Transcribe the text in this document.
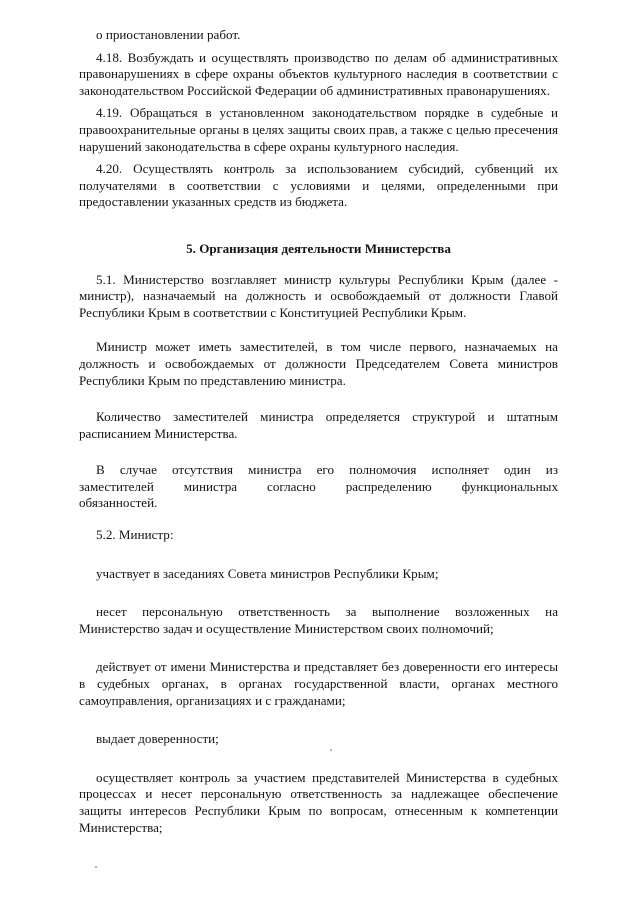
о приостановлении работ.

4.18. Возбуждать и осуществлять производство по делам об административных правонарушениях в сфере охраны объектов культурного наследия в соответствии с законодательством Российской Федерации об административных правонарушениях.

4.19. Обращаться в установленном законодательством порядке в судебные и правоохранительные органы в целях защиты своих прав, а также с целью пресечения нарушений законодательства в сфере охраны культурного наследия.

4.20. Осуществлять контроль за использованием субсидий, субвенций их получателями в соответствии с условиями и целями, определенными при предоставлении указанных средств из бюджета.

5. Организация деятельности Министерства

5.1. Министерство возглавляет министр культуры Республики Крым (далее - министр), назначаемый на должность и освобождаемый от должности Главой Республики Крым в соответствии с Конституцией Республики Крым.

Министр может иметь заместителей, в том числе первого, назначаемых на должность и освобождаемых от должности Председателем Совета министров Республики Крым по представлению министра.

Количество заместителей министра определяется структурой и штатным расписанием Министерства.

В случае отсутствия министра его полномочия исполняет один из

заместителей министра согласно распределению функциональных

обязанностей.

5.2. Министр:

участвует в заседаниях Совета министров Республики Крым;

несет персональную ответственность за выполнение возложенных на Министерство задач и осуществление Министерством своих полномочий;

действует от имени Министерства и представляет без доверенности его интересы в судебных органах, в органах государственной власти, органах местного самоуправления, организациях и с гражданами;

выдает доверенности;

осуществляет контроль за участием представителей Министерства в судебных процессах и несет персональную ответственность за надлежащее обеспечение защиты интересов Республики Крым по вопросам, отнесенным к компетенции Министерства;
